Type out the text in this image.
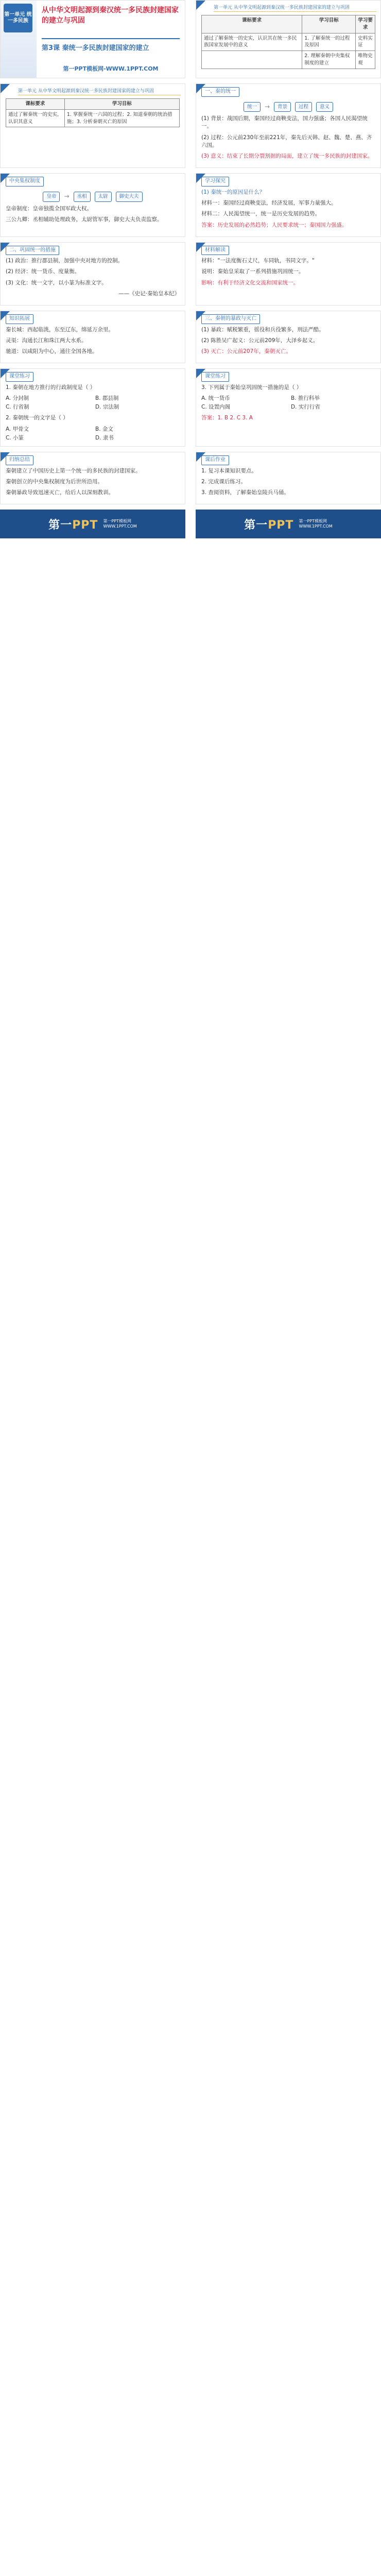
第一单元 统一多民族
从中华文明起源到秦汉统一多民族封建国家的建立与巩固
第3课 秦统一多民族封建国家的建立
第一PPT模板网-WWW.1PPT.COM
第一单元 从中华文明起源到秦汉统一多民族封建国家的建立与巩固
课标要求	学习目标	学习要求
通过了解秦统一的史实，认识其在统一多民族国家发展中的意义	1. 了解秦统一的过程及原因	史料实证
	2. 理解秦朝中央集权制度的建立	唯物史观
第一单元 从中华文明起源到秦汉统一多民族封建国家的建立与巩固
课标要求	学习目标
通过了解秦统一的史实，认识其意义	1. 掌握秦统一六国的过程；2. 知道秦朝的统治措施；3. 分析秦朝灭亡的原因
一、秦的统一
统一	→	背景	过程	意义

(1) 背景：战国后期，秦国经过商鞅变法，国力强盛；各国人民渴望统一。

(2) 过程：公元前230年至前221年，秦先后灭韩、赵、魏、楚、燕、齐六国。

(3) 意义：结束了长期分裂割据的局面，建立了统一多民族的封建国家。

中央集权制度
皇帝	→	丞相	太尉	御史大夫

皇帝制度：皇帝独揽全国军政大权。

三公九卿：丞相辅助处理政务，太尉管军事，御史大夫负责监察。

学习探究

(1) 秦统一的原因是什么？

材料一：秦国经过商鞅变法，经济发展，军事力量强大。

材料二：人民渴望统一，统一是历史发展的趋势。

答案：历史发展的必然趋势；人民要求统一；秦国国力强盛。

二、巩固统一的措施

(1) 政治：推行郡县制，加强中央对地方的控制。

(2) 经济：统一货币、度量衡。

(3) 文化：统一文字，以小篆为标准文字。

——《史记·秦始皇本纪》

材料解读

材料："一法度衡石丈尺，车同轨，书同文字。"

说明：秦始皇采取了一系列措施巩固统一。

影响：有利于经济文化交流和国家统一。

知识拓展

秦长城：西起临洮，东至辽东，绵延万余里。

灵渠：沟通长江和珠江两大水系。

驰道：以咸阳为中心，通往全国各地。

三、秦朝的暴政与灭亡

(1) 暴政：赋税繁重，徭役和兵役繁多，刑法严酷。

(2) 陈胜吴广起义：公元前209年，大泽乡起义。

(3) 灭亡：公元前207年，秦朝灭亡。

课堂练习

1. 秦朝在地方推行的行政制度是（ ）

A. 分封制	B. 郡县制
C. 行省制	D. 宗法制

2. 秦朝统一的文字是（ ）

A. 甲骨文	B. 金文
C. 小篆	D. 隶书
课堂练习

3. 下列属于秦始皇巩固统一措施的是（ ）

A. 统一货币	B. 推行科举
C. 设置内阁	D. 实行行省

答案：1. B 2. C 3. A

归纳总结

秦朝建立了中国历史上第一个统一的多民族的封建国家。

秦朝创立的中央集权制度为后世所沿用。

秦朝暴政导致迅速灭亡，给后人以深刻教训。

课后作业

1. 复习本课知识要点。

2. 完成课后练习。

3. 查阅资料，了解秦始皇陵兵马俑。

第一PPT 第一PPT模板网
WWW.1PPT.COM	第一PPT 第一PPT模板网
WWW.1PPT.COM
